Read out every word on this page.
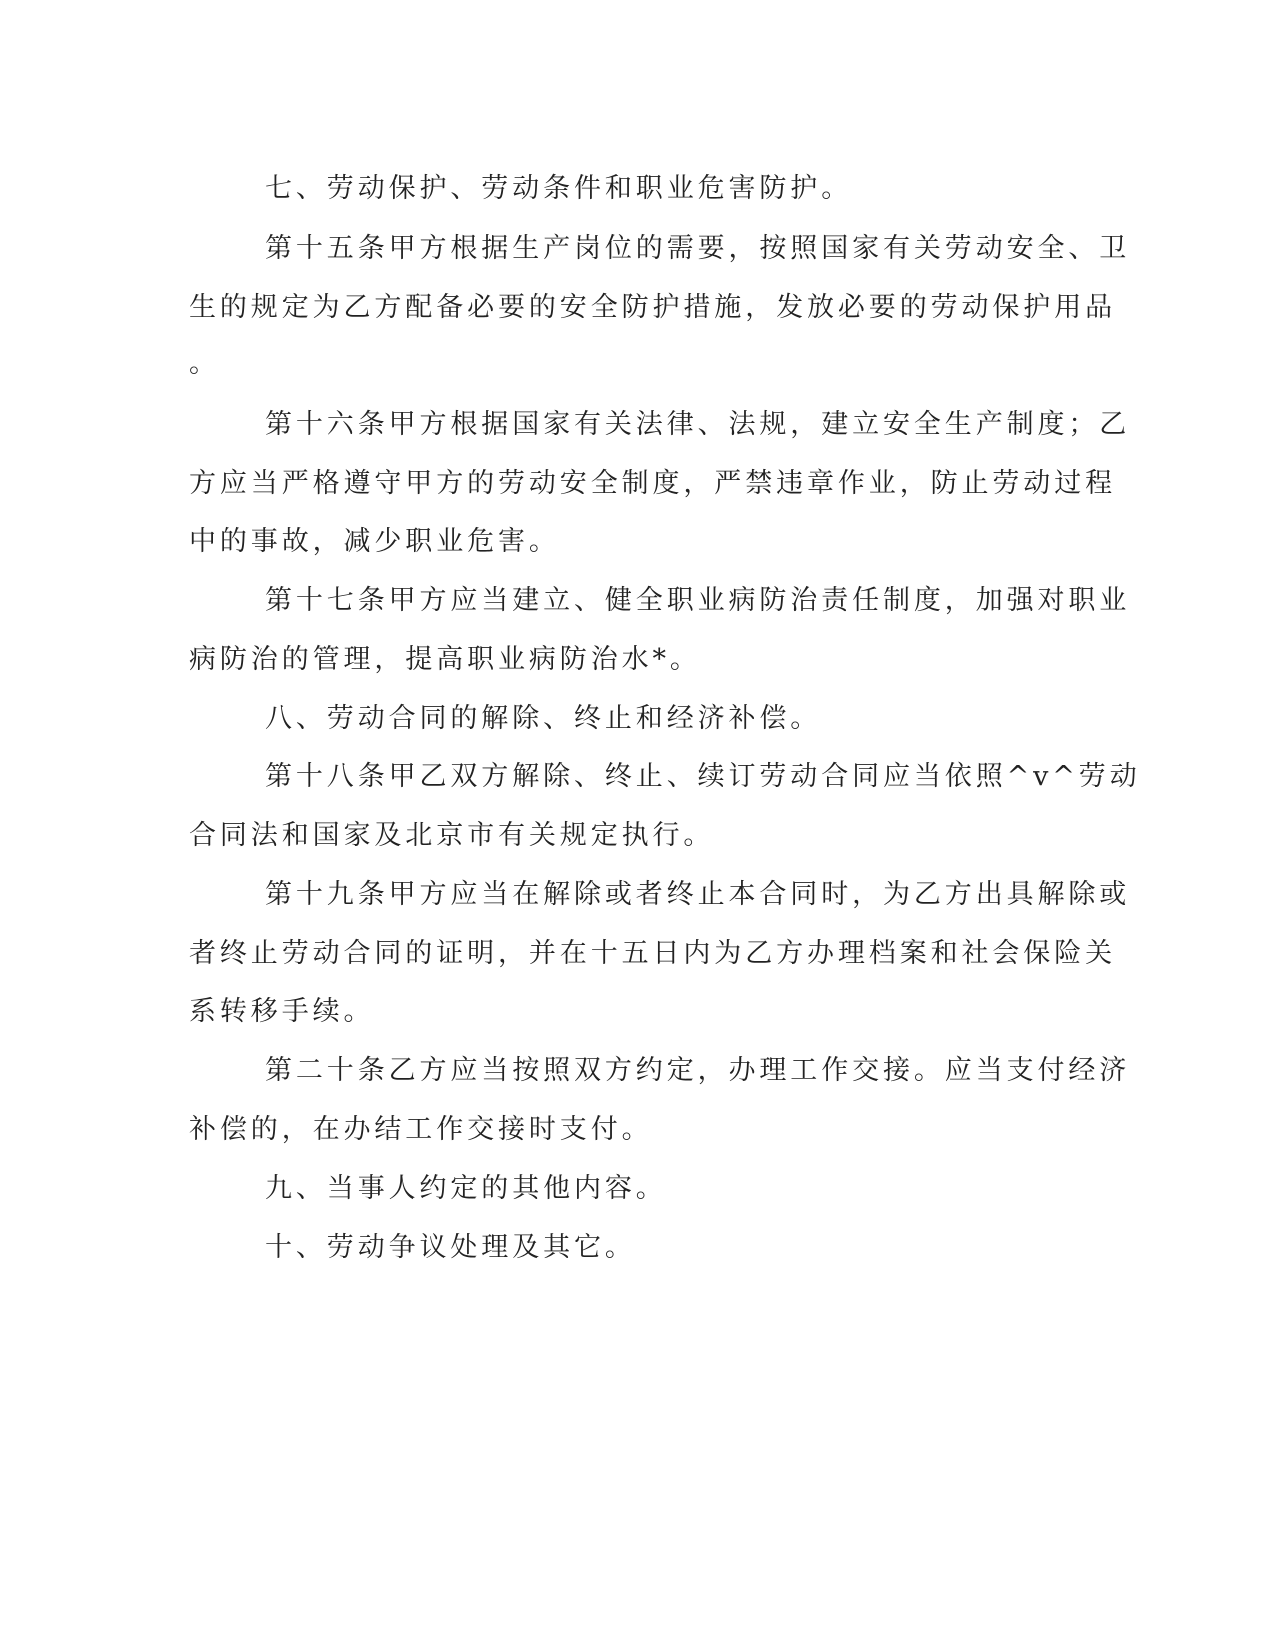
七、劳动保护、劳动条件和职业危害防护。
第十五条甲方根据生产岗位的需要，按照国家有关劳动安全、卫
生的规定为乙方配备必要的安全防护措施，发放必要的劳动保护用品
。
第十六条甲方根据国家有关法律、法规，建立安全生产制度；乙
方应当严格遵守甲方的劳动安全制度，严禁违章作业，防止劳动过程
中的事故，减少职业危害。
第十七条甲方应当建立、健全职业病防治责任制度，加强对职业
病防治的管理，提高职业病防治水*。
八、劳动合同的解除、终止和经济补偿。
第十八条甲乙双方解除、终止、续订劳动合同应当依照^v^劳动
合同法和国家及北京市有关规定执行。
第十九条甲方应当在解除或者终止本合同时，为乙方出具解除或
者终止劳动合同的证明，并在十五日内为乙方办理档案和社会保险关
系转移手续。
第二十条乙方应当按照双方约定，办理工作交接。应当支付经济
补偿的，在办结工作交接时支付。
九、当事人约定的其他内容。
十、劳动争议处理及其它。
